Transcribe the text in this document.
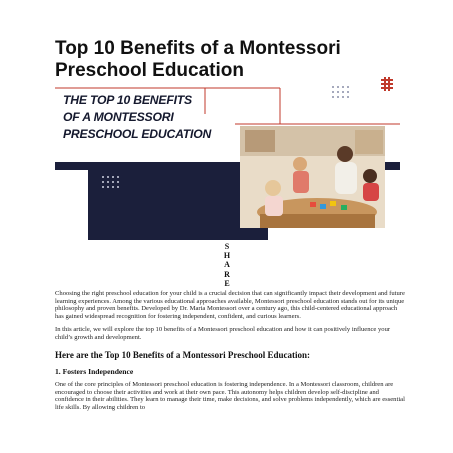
Top 10 Benefits of a Montessori Preschool Education
THE TOP 10 BENEFITS
OF A MONTESSORI
PRESCHOOL EDUCATION
S
H
A
R
E
Choosing the right preschool education for your child is a crucial decision that can significantly impact their development and future learning experiences. Among the various educational approaches available, Montessori preschool education stands out for its unique philosophy and proven benefits. Developed by Dr. Maria Montessori over a century ago, this child-centered educational approach has gained widespread recognition for fostering independent, confident, and curious learners.
In this article, we will explore the top 10 benefits of a Montessori preschool education and how it can positively influence your child’s growth and development.
Here are the Top 10 Benefits of a Montessori Preschool Education:
1. Fosters Independence
One of the core principles of Montessori preschool education is fostering independence. In a Montessori classroom, children are encouraged to choose their activities and work at their own pace. This autonomy helps children develop self-discipline and confidence in their abilities. They learn to manage their time, make decisions, and solve problems independently, which are essential life skills. By allowing children to
